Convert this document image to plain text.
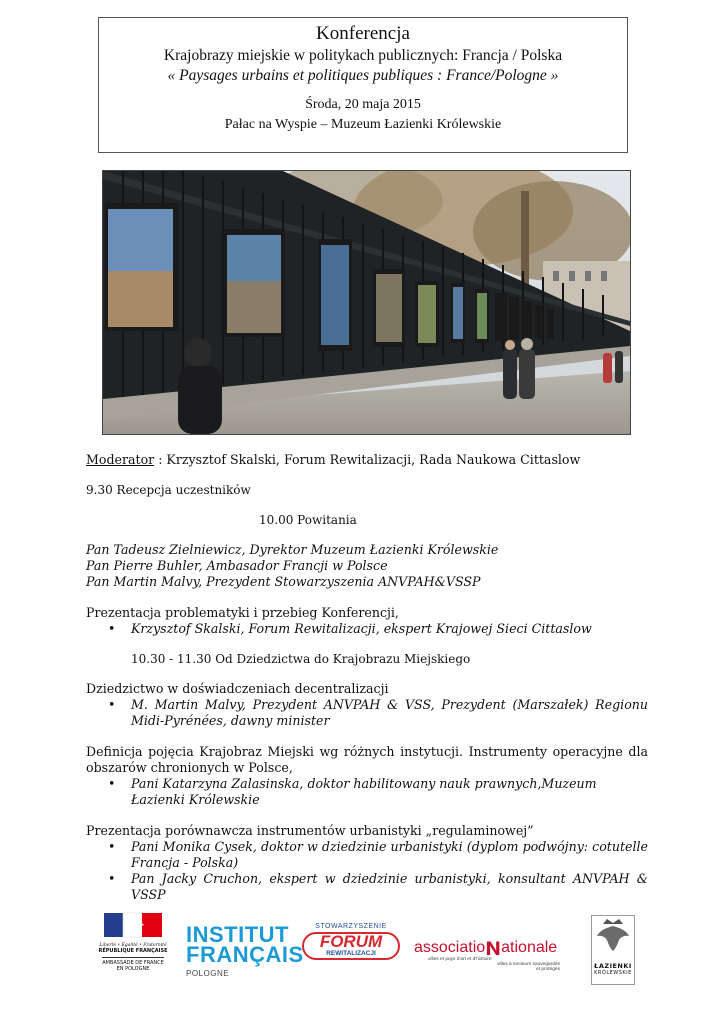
Konferencja
Krajobrazy miejskie w politykach publicznych: Francja / Polska
« Paysages urbains et politiques publiques : France/Pologne »
Środa, 20 maja 2015
Pałac na Wyspie – Muzeum Łazienki Królewskie

Moderator : Krzysztof Skalski, Forum Rewitalizacji, Rada Naukowa Cittaslow

9.30 Recepcja uczestników

10.00 Powitania

Pan Tadeusz Zielniewicz, Dyrektor Muzeum Łazienki Królewskie

Pan Pierre Buhler, Ambasador Francji w Polsce

Pan Martin Malvy, Prezydent Stowarzyszenia ANVPAH&VSSP

Prezentacja problematyki i przebieg Konferencji,

• Krzysztof Skalski, Forum Rewitalizacji, ekspert Krajowej Sieci Cittaslow

10.30 - 11.30 Od Dziedzictwa do Krajobrazu Miejskiego

Dziedzictwo w doświadczeniach decentralizacji

• M. Martin Malvy, Prezydent ANVPAH & VSS, Prezydent (Marszałek) Regionu Midi-Pyrénées, dawny minister

Definicja pojęcia Krajobraz Miejski wg różnych instytucji. Instrumenty operacyjne dla obszarów chronionych w Polsce,

• Pani Katarzyna Zalasinska, doktor habilitowany nauk prawnych,Muzeum Łazienki Królewskie

Prezentacja porównawcza instrumentów urbanistyki „regulaminowej”

• Pani Monika Cysek, doktor w dziedzinie urbanistyki (dyplom podwójny: cotutelle Francja - Polska)

• Pan Jacky Cruchon, ekspert w dziedzinie urbanistyki, konsultant ANVPAH & VSSP

Liberté • Égalité • Fraternité
RÉPUBLIQUE FRANÇAISE
AMBASSADE DE FRANCE
EN POLOGNE
INSTITUT
FRANÇAIS
POLOGNE
STOWARZYSZENIE
FORUM
REWITALIZACJI	associatioɴationale
villes et pays d'art et d'histoire
villes à secteurs sauvegardés
et protégés	ŁAZIENKI
KRÓLEWSKIE
